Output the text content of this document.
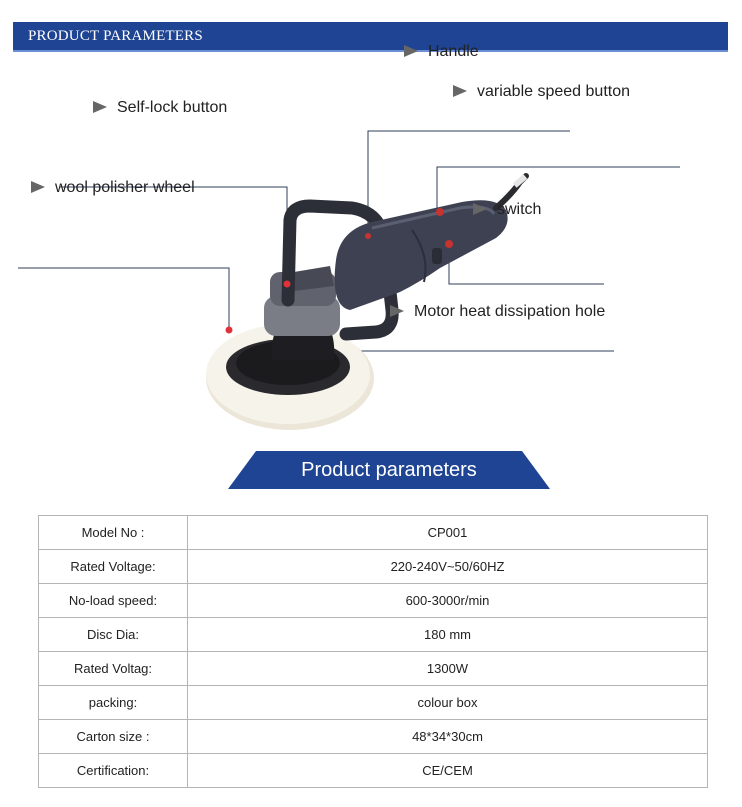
PRODUCT PARAMETERS
Handle
variable speed button
Self-lock button
wool polisher wheel
switch
Motor heat dissipation hole
Product parameters
Model No :	CP001
Rated Voltage:	220-240V~50/60HZ
No-load speed:	600-3000r/min
Disc Dia:	180 mm
Rated Voltag:	1300W
packing:	colour box
Carton size :	48*34*30cm
Certification:	CE/CEM
